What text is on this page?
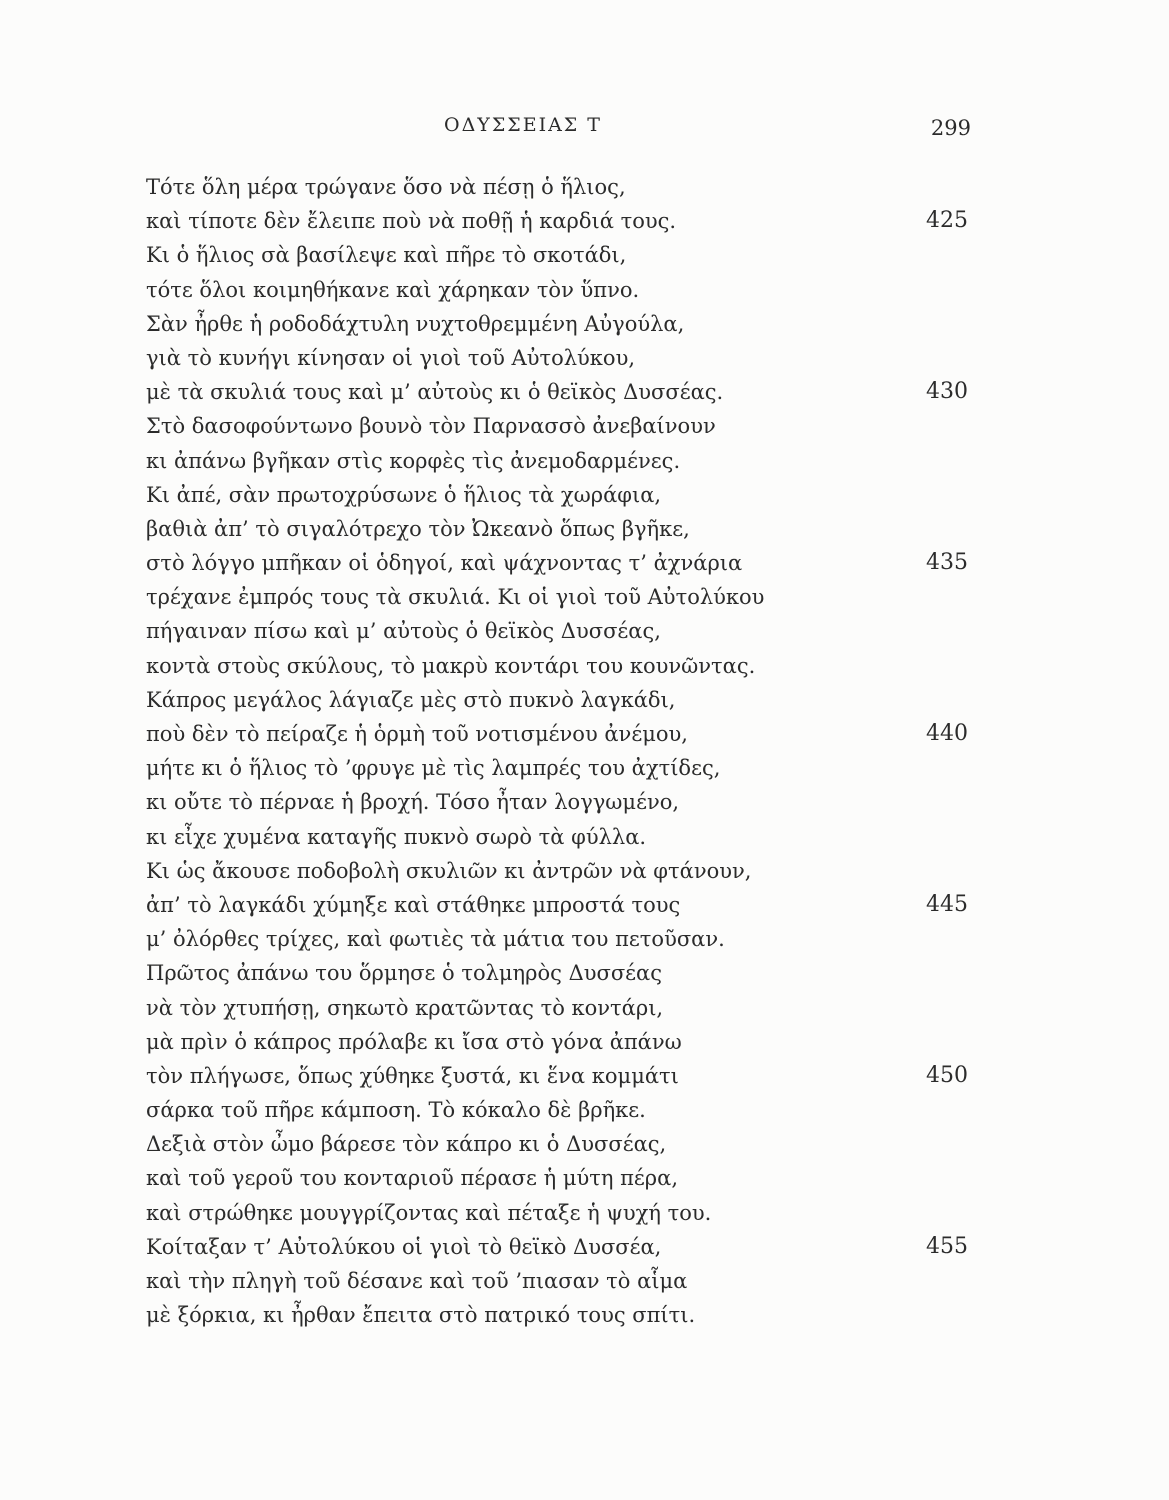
ΟΔΥΣΣΕΙΑΣ Τ	299
Τότε ὅλη μέρα τρώγανε ὅσο νὰ πέσῃ ὁ ἥλιος,
καὶ τίποτε δὲν ἔλειπε ποὺ νὰ ποθῇ ἡ καρδιά τους.	425
Κι ὁ ἥλιος σὰ βασίλεψε καὶ πῆρε τὸ σκοτάδι,
τότε ὅλοι κοιμηθήκανε καὶ χάρηκαν τὸν ὕπνο.
Σὰν ἦρθε ἡ ροδοδάχτυλη νυχτοθρεμμένη Αὐγούλα,
γιὰ τὸ κυνήγι κίνησαν οἱ γιοὶ τοῦ Αὐτολύκου,
μὲ τὰ σκυλιά τους καὶ μ’ αὐτοὺς κι ὁ θεϊκὸς Δυσσέας.	430
Στὸ δασοφούντωνο βουνὸ τὸν Παρνασσὸ ἀνεβαίνουν
κι ἀπάνω βγῆκαν στὶς κορφὲς τὶς ἀνεμοδαρμένες.
Κι ἀπέ, σὰν πρωτοχρύσωνε ὁ ἥλιος τὰ χωράφια,
βαθιὰ ἀπ’ τὸ σιγαλότρεχο τὸν Ὠκεανὸ ὅπως βγῆκε,
στὸ λόγγο μπῆκαν οἱ ὁδηγοί, καὶ ψάχνοντας τ’ ἀχνάρια	435
τρέχανε ἐμπρός τους τὰ σκυλιά. Κι οἱ γιοὶ τοῦ Αὐτολύκου
πήγαιναν πίσω καὶ μ’ αὐτοὺς ὁ θεϊκὸς Δυσσέας,
κοντὰ στοὺς σκύλους, τὸ μακρὺ κοντάρι του κουνῶντας.
Κάπρος μεγάλος λάγιαζε μὲς στὸ πυκνὸ λαγκάδι,
ποὺ δὲν τὸ πείραζε ἡ ὁρμὴ τοῦ νοτισμένου ἀνέμου,	440
μήτε κι ὁ ἥλιος τὸ ’φρυγε μὲ τὶς λαμπρές του ἀχτίδες,
κι οὔτε τὸ πέρναε ἡ βροχή. Τόσο ἦταν λογγωμένο,
κι εἶχε χυμένα καταγῆς πυκνὸ σωρὸ τὰ φύλλα.
Κι ὡς ἄκουσε ποδοβολὴ σκυλιῶν κι ἀντρῶν νὰ φτάνουν,
ἀπ’ τὸ λαγκάδι χύμηξε καὶ στάθηκε μπροστά τους	445
μ’ ὀλόρθες τρίχες, καὶ φωτιὲς τὰ μάτια του πετοῦσαν.
Πρῶτος ἀπάνω του ὅρμησε ὁ τολμηρὸς Δυσσέας
νὰ τὸν χτυπήσῃ, σηκωτὸ κρατῶντας τὸ κοντάρι,
μὰ πρὶν ὁ κάπρος πρόλαβε κι ἴσα στὸ γόνα ἀπάνω
τὸν πλήγωσε, ὅπως χύθηκε ξυστά, κι ἕνα κομμάτι	450
σάρκα τοῦ πῆρε κάμποση. Τὸ κόκαλο δὲ βρῆκε.
Δεξιὰ στὸν ὦμο βάρεσε τὸν κάπρο κι ὁ Δυσσέας,
καὶ τοῦ γεροῦ του κονταριοῦ πέρασε ἡ μύτη πέρα,
καὶ στρώθηκε μουγγρίζοντας καὶ πέταξε ἡ ψυχή του.
Κοίταξαν τ’ Αὐτολύκου οἱ γιοὶ τὸ θεϊκὸ Δυσσέα,	455
καὶ τὴν πληγὴ τοῦ δέσανε καὶ τοῦ ’πιασαν τὸ αἷμα
μὲ ξόρκια, κι ἦρθαν ἔπειτα στὸ πατρικό τους σπίτι.
